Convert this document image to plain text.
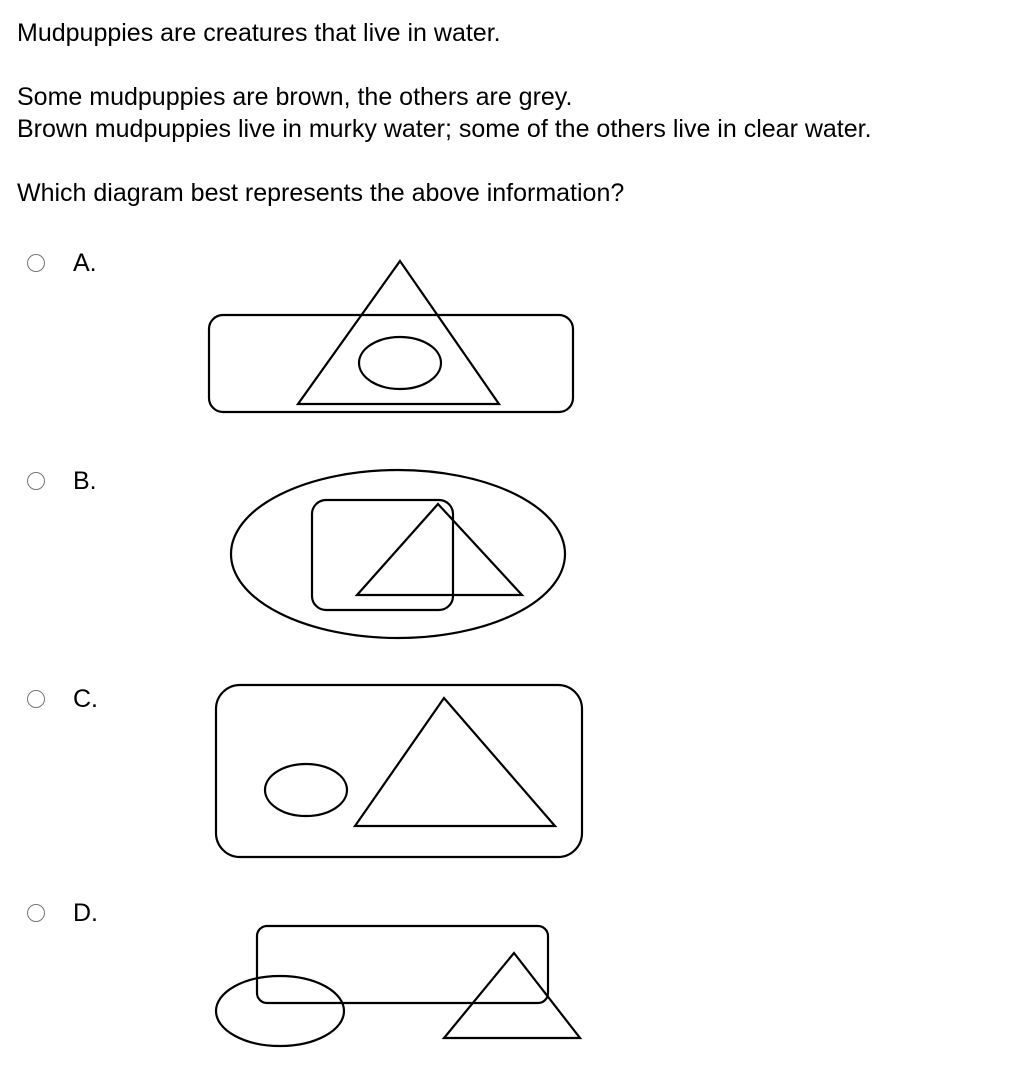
Mudpuppies are creatures that live in water.
Some mudpuppies are brown, the others are grey.
Brown mudpuppies live in murky water; some of the others live in clear water.
Which diagram best represents the above information?
A.
B.
C.
D.
